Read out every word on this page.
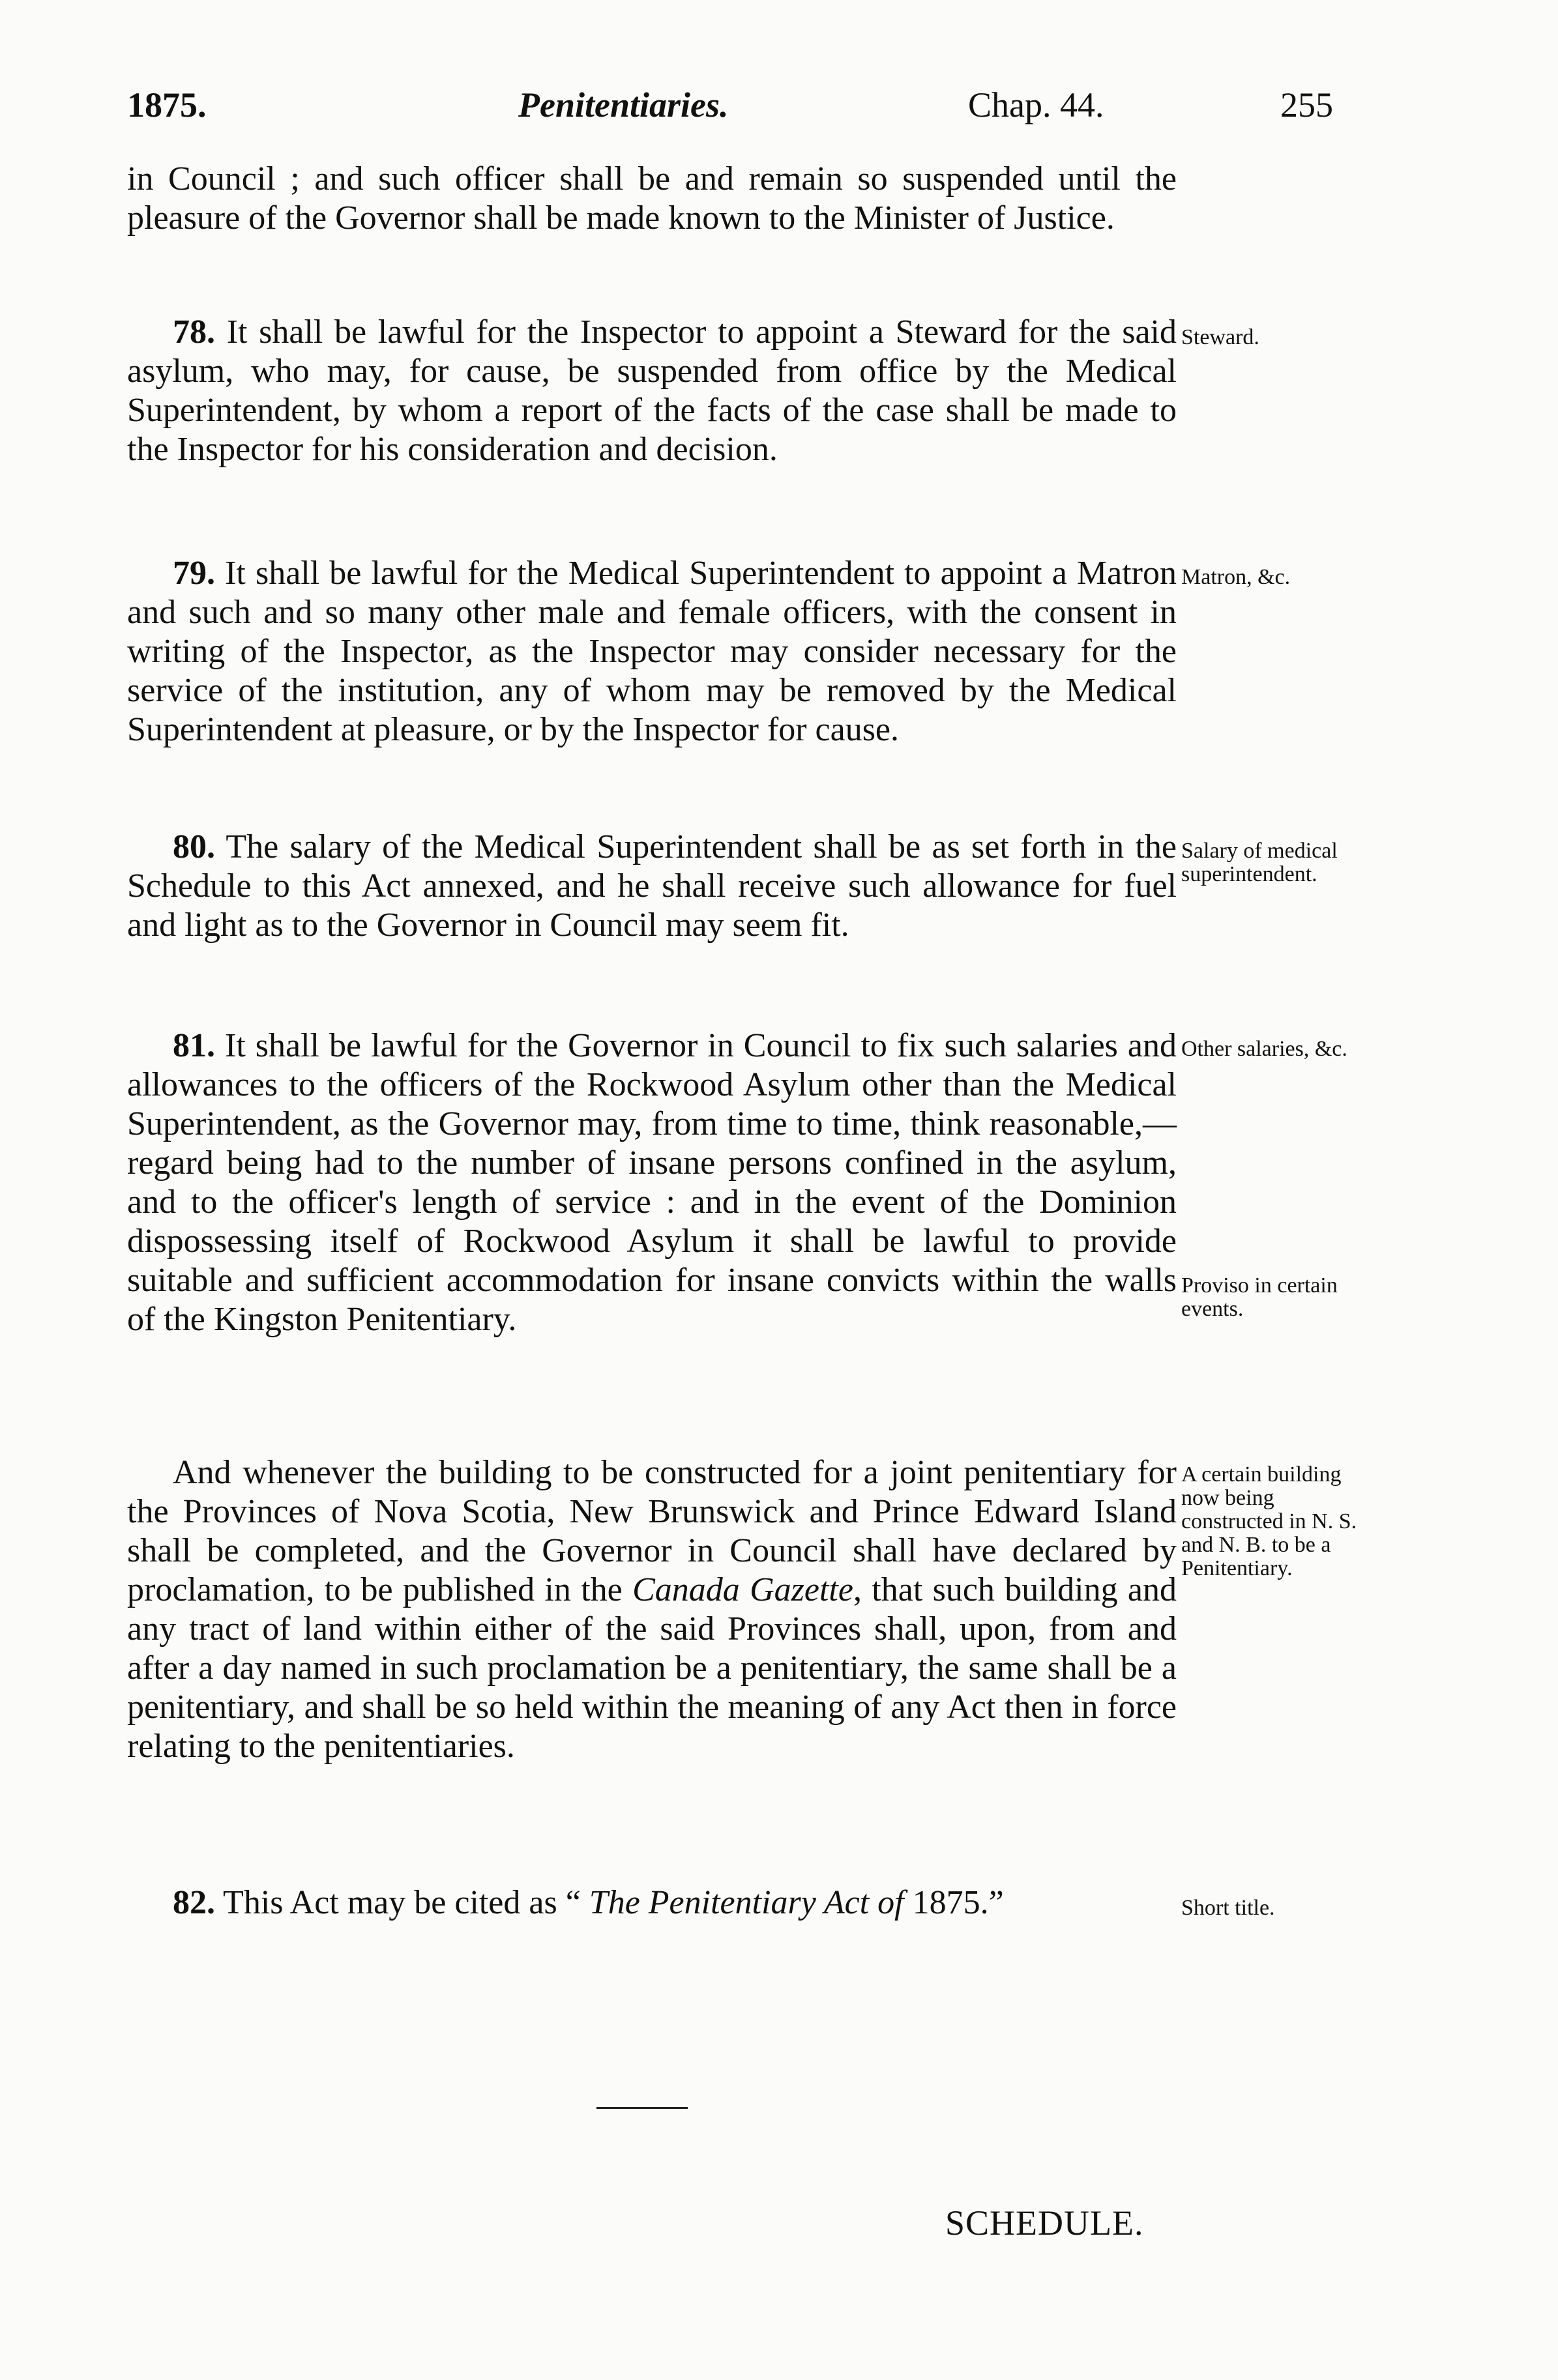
1875.	Penitentiaries.	Chap. 44.	255

in Council ; and such officer shall be and remain so suspended until the pleasure of the Governor shall be made known to the Minister of Justice.

78. It shall be lawful for the Inspector to appoint a Steward for the said asylum, who may, for cause, be suspended from office by the Medical Superintendent, by whom a report of the facts of the case shall be made to the Inspector for his consideration and decision.

79. It shall be lawful for the Medical Superintendent to appoint a Matron and such and so many other male and female officers, with the consent in writing of the Inspector, as the Inspector may consider necessary for the service of the institution, any of whom may be removed by the Medical Superintendent at pleasure, or by the Inspector for cause.

80. The salary of the Medical Superintendent shall be as set forth in the Schedule to this Act annexed, and he shall receive such allowance for fuel and light as to the Governor in Council may seem fit.

81. It shall be lawful for the Governor in Council to fix such salaries and allowances to the officers of the Rockwood Asylum other than the Medical Superintendent, as the Governor may, from time to time, think reasonable,—regard being had to the number of insane persons confined in the asylum, and to the officer's length of service : and in the event of the Dominion dispossessing itself of Rockwood Asylum it shall be lawful to provide suitable and sufficient accommodation for insane convicts within the walls of the Kingston Penitentiary.

And whenever the building to be constructed for a joint penitentiary for the Provinces of Nova Scotia, New Brunswick and Prince Edward Island shall be completed, and the Governor in Council shall have declared by proclamation, to be published in the Canada Gazette, that such building and any tract of land within either of the said Provinces shall, upon, from and after a day named in such proclamation be a penitentiary, the same shall be a penitentiary, and shall be so held within the meaning of any Act then in force relating to the penitentiaries.

82. This Act may be cited as “ The Penitentiary Act of 1875.”

Steward.
Matron, &c.
Salary of medical superintendent.
Other salaries, &c.
Proviso in certain events.
A certain building now being constructed in N. S. and N. B. to be a Penitentiary.
Short title.
SCHEDULE.
